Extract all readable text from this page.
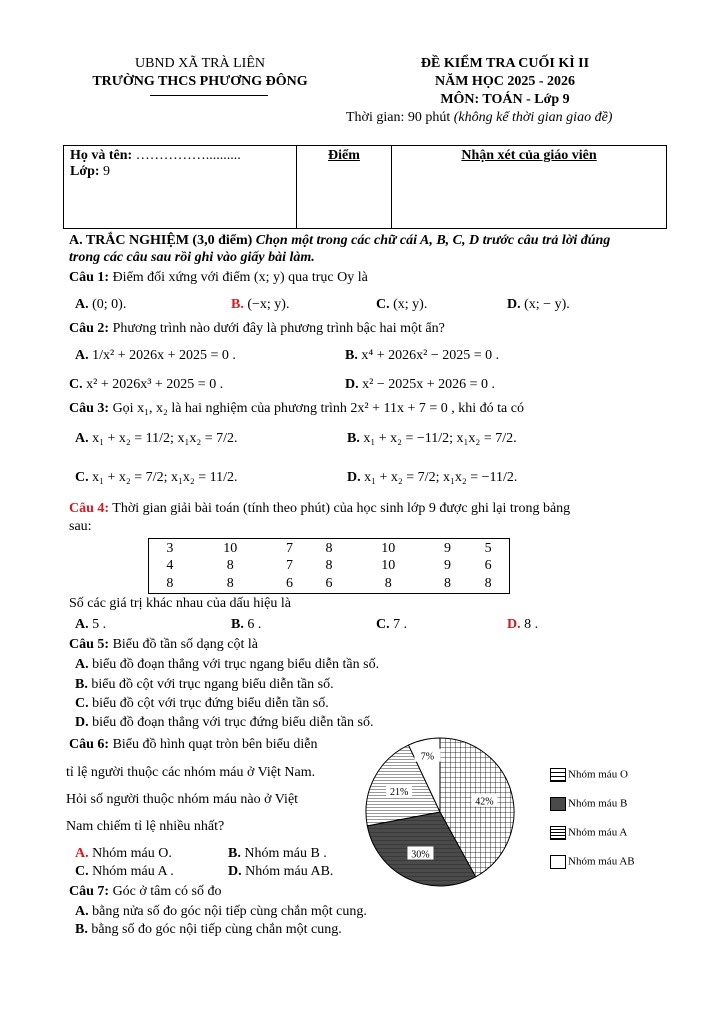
UBND XÃ TRÀ LIÊN
TRƯỜNG THCS PHƯƠNG ĐÔNG
ĐỀ KIỂM TRA CUỐI KÌ II
NĂM HỌC 2025 - 2026
MÔN: TOÁN - Lớp 9
Thời gian: 90 phút (không kể thời gian giao đề)
Họ và tên: ……………..........
Lớp: 9
	Điểm	Nhận xét của giáo viên
A. TRẮC NGHIỆM (3,0 điểm) Chọn một trong các chữ cái A, B, C, D trước câu trả lời đúng
trong các câu sau rồi ghi vào giấy bài làm.
Câu 1: Điểm đối xứng với điểm (x; y) qua trục Oy là
A. (0; 0).	B. (−x; y).	C. (x; y).	D. (x; − y).
Câu 2: Phương trình nào dưới đây là phương trình bậc hai một ẩn?
A. 1/x² + 2026x + 2025 = 0 .	B. x⁴ + 2026x² − 2025 = 0 .
C. x² + 2026x³ + 2025 = 0 .	D. x² − 2025x + 2026 = 0 .
Câu 3: Gọi x₁, x₂ là hai nghiệm của phương trình 2x² + 11x + 7 = 0 , khi đó ta có
A. x₁ + x₂ = 11/2; x₁x₂ = 7/2.	B. x₁ + x₂ = −11/2; x₁x₂ = 7/2.
C. x₁ + x₂ = 7/2; x₁x₂ = 11/2.	D. x₁ + x₂ = 7/2; x₁x₂ = −11/2.
Câu 4: Thời gian giải bài toán (tính theo phút) của học sinh lớp 9 được ghi lại trong bảng
sau:
3	10	7	8	10	9	5
4	8	7	8	10	9	6
8	8	6	6	8	8	8
Số các giá trị khác nhau của dấu hiệu là
A. 5 .	B. 6 .	C. 7 .	D. 8 .
Câu 5: Biểu đồ tần số dạng cột là
A. biểu đồ đoạn thẳng với trục ngang biểu diễn tần số.
B. biểu đồ cột với trục ngang biểu diễn tần số.
C. biểu đồ cột với trục đứng biểu diễn tần số.
D. biểu đồ đoạn thẳng với trục đứng biểu diễn tần số.
Câu 6: Biểu đồ hình quạt tròn bên biểu diễn
tỉ lệ người thuộc các nhóm máu ở Việt Nam.
Hỏi số người thuộc nhóm máu nào ở Việt
Nam chiếm tỉ lệ nhiều nhất?
A. Nhóm máu O.	B. Nhóm máu B .
C. Nhóm máu A .	D. Nhóm máu AB.
42%
30%
21%
7%
Nhóm máu O
Nhóm máu B
Nhóm máu A
Nhóm máu AB
Câu 7: Góc ở tâm có số đo
A. bằng nửa số đo góc nội tiếp cùng chắn một cung.
B. bằng số đo góc nội tiếp cùng chắn một cung.
